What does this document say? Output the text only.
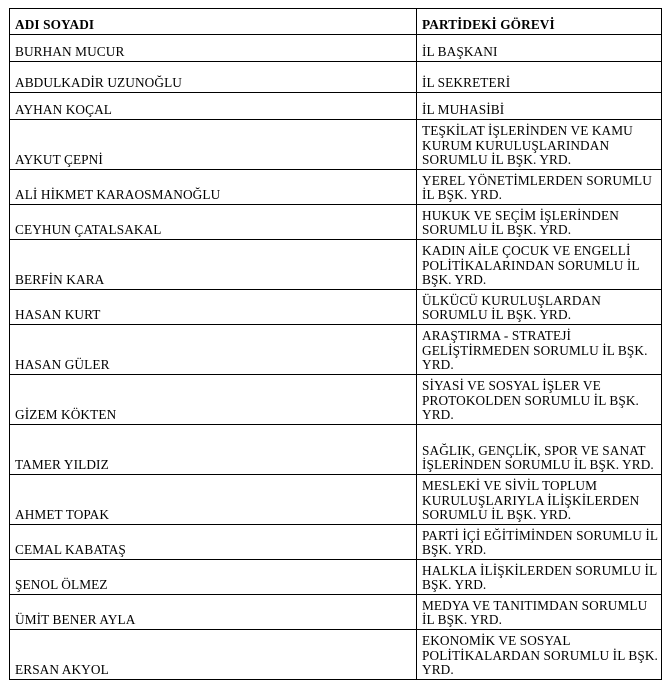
ADI SOYADI	PARTİDEKİ GÖREVİ
BURHAN MUCUR	İL BAŞKANI
ABDULKADİR UZUNOĞLU	İL SEKRETERİ
AYHAN KOÇAL	İL MUHASİBİ
AYKUT ÇEPNİ	TEŞKİLAT İŞLERİNDEN VE KAMU KURUM KURULUŞLARINDAN SORUMLU İL BŞK. YRD.
ALİ HİKMET KARAOSMANOĞLU	YEREL YÖNETİMLERDEN SORUMLU İL BŞK. YRD.
CEYHUN ÇATALSAKAL	HUKUK VE SEÇİM İŞLERİNDEN SORUMLU İL BŞK. YRD.
BERFİN KARA	KADIN AİLE ÇOCUK VE ENGELLİ POLİTİKALARINDAN SORUMLU İL BŞK. YRD.
HASAN KURT	ÜLKÜCÜ KURULUŞLARDAN SORUMLU İL BŞK. YRD.
HASAN GÜLER	ARAŞTIRMA - STRATEJİ GELİŞTİRMEDEN SORUMLU İL BŞK. YRD.
GİZEM KÖKTEN	SİYASİ VE SOSYAL İŞLER VE PROTOKOLDEN SORUMLU İL BŞK. YRD.
TAMER YILDIZ	SAĞLIK, GENÇLİK, SPOR VE SANAT İŞLERİNDEN SORUMLU İL BŞK. YRD.
AHMET TOPAK	MESLEKİ VE SİVİL TOPLUM KURULUŞLARIYLA İLİŞKİLERDEN SORUMLU İL BŞK. YRD.
CEMAL KABATAŞ	PARTİ İÇİ EĞİTİMİNDEN SORUMLU İL BŞK. YRD.
ŞENOL ÖLMEZ	HALKLA İLİŞKİLERDEN SORUMLU İL BŞK. YRD.
ÜMİT BENER AYLA	MEDYA VE TANITIMDAN SORUMLU İL BŞK. YRD.
ERSAN AKYOL	EKONOMİK VE SOSYAL POLİTİKALARDAN SORUMLU İL BŞK. YRD.
